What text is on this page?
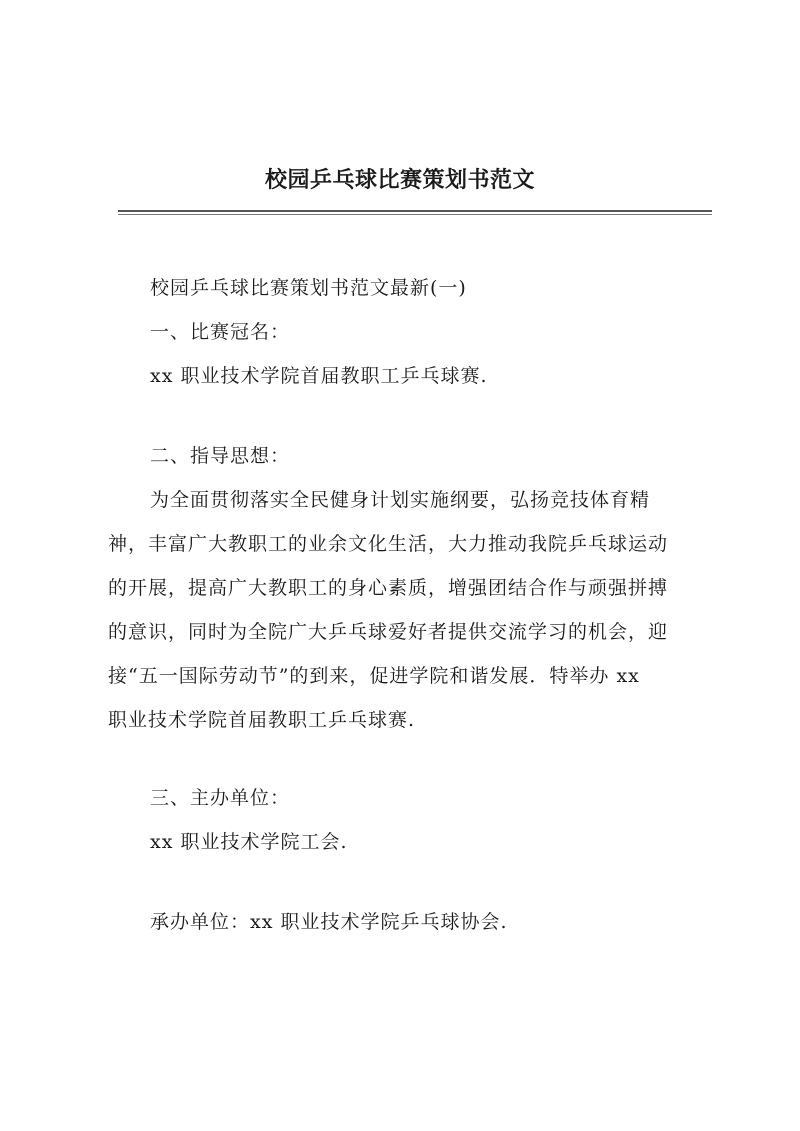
校园乒乓球比赛策划书范文
校园乒乓球比赛策划书范文最新(一)
一、比赛冠名：
xx 职业技术学院首届教职工乒乓球赛.
二、指导思想：
为全面贯彻落实全民健身计划实施纲要，弘扬竞技体育精
神，丰富广大教职工的业余文化生活，大力推动我院乒乓球运动
的开展，提高广大教职工的身心素质，增强团结合作与顽强拼搏
的意识，同时为全院广大乒乓球爱好者提供交流学习的机会，迎
接“五一国际劳动节”的到来，促进学院和谐发展．特举办 xx
职业技术学院首届教职工乒乓球赛.
三、主办单位：
xx 职业技术学院工会.
承办单位：xx 职业技术学院乒乓球协会.
